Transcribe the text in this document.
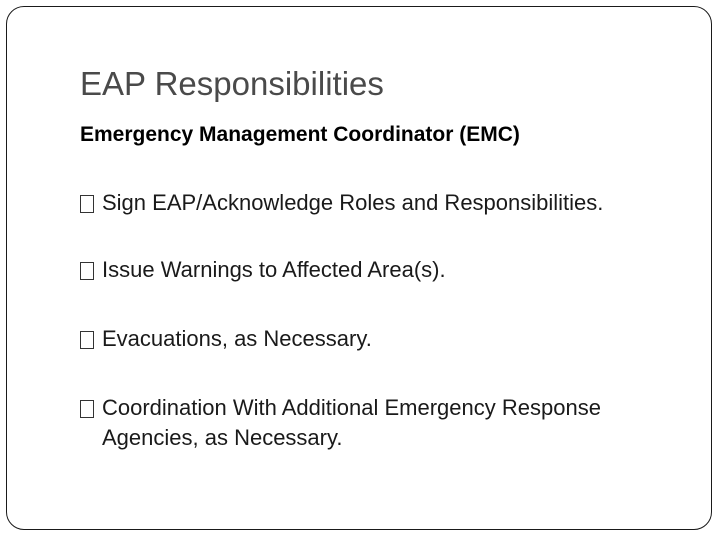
EAP Responsibilities
Emergency Management Coordinator (EMC)
Sign EAP/Acknowledge Roles and Responsibilities.
Issue Warnings to Affected Area(s).
Evacuations, as Necessary.
Coordination With Additional Emergency Response Agencies, as Necessary.
